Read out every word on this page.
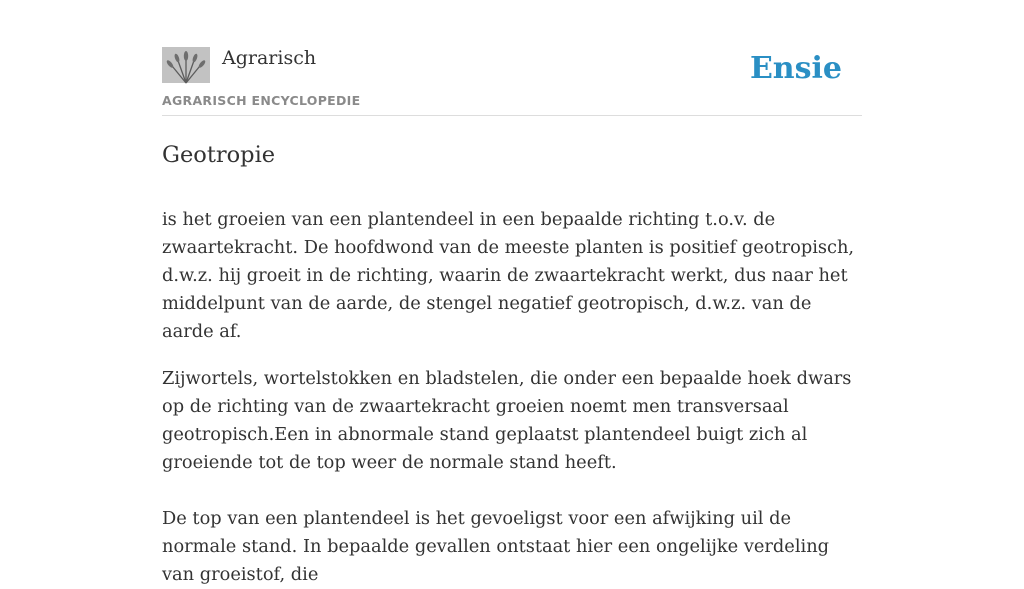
Agrarisch
AGRARISCH ENCYCLOPEDIE
Ensie
Geotropie

is het groeien van een plantendeel in een bepaalde richting t.o.v. de zwaartekracht. De hoofdwond van de meeste planten is positief geotropisch, d.w.z. hij groeit in de richting, waarin de zwaartekracht werkt, dus naar het middelpunt van de aarde, de stengel negatief geotropisch, d.w.z. van de aarde af.

Zijwortels, wortelstokken en bladstelen, die onder een bepaalde hoek dwars op de richting van de zwaartekracht groeien noemt men transversaal geotropisch.Een in abnormale stand geplaatst plantendeel buigt zich al groeiende tot de top weer de normale stand heeft.

De top van een plantendeel is het gevoeligst voor een afwijking uil de normale stand. In bepaalde gevallen ontstaat hier een ongelijke verdeling van groeistof, die
